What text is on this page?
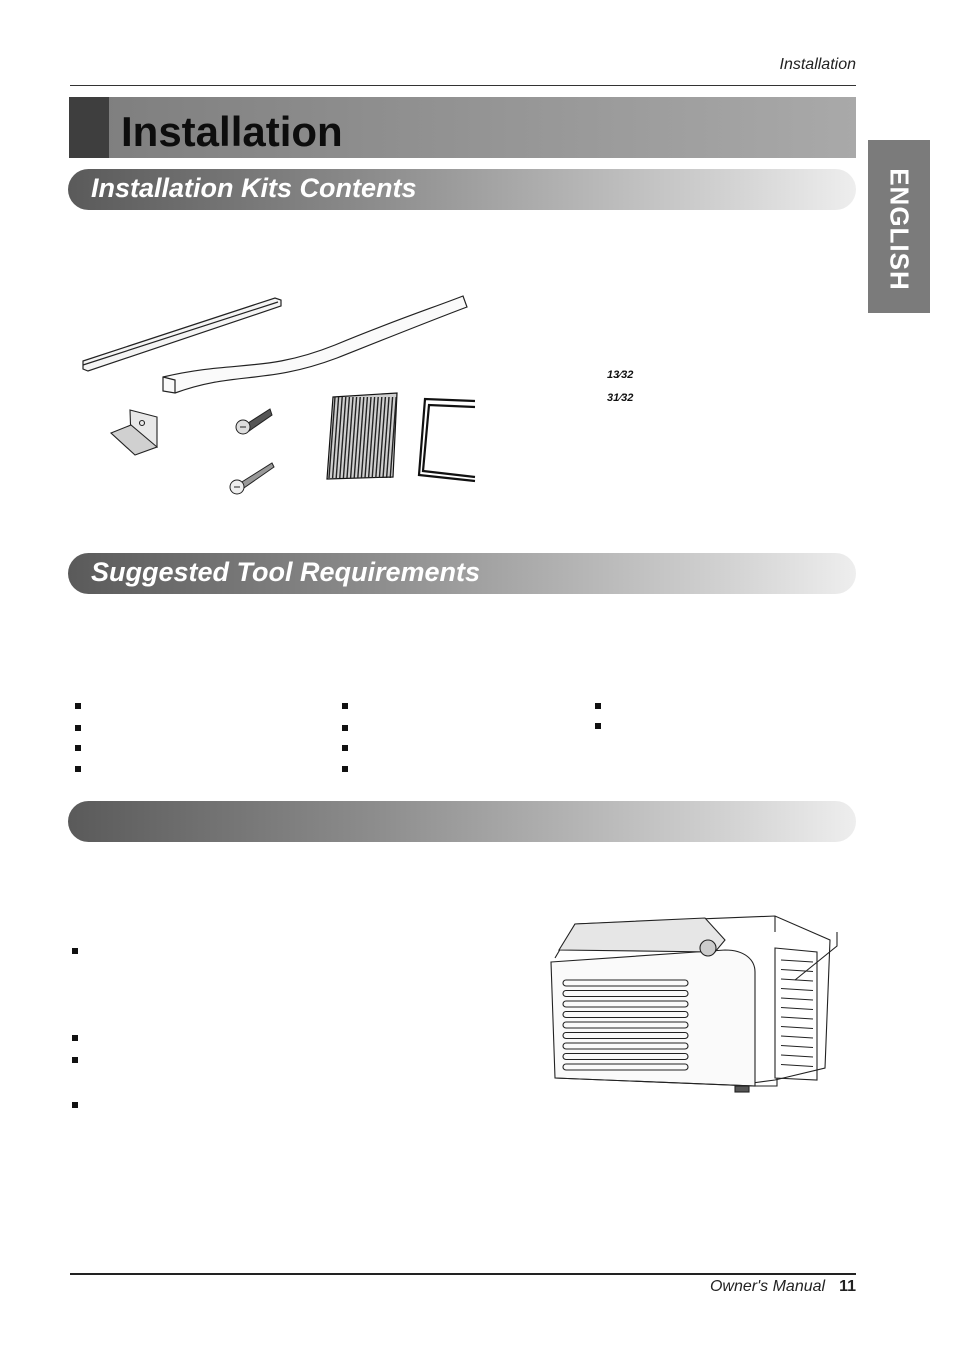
Installation
Installation
ENGLISH
Installation Kits Contents
13⁄32
31⁄32
Suggested Tool Requirements
Owner's Manual 11
